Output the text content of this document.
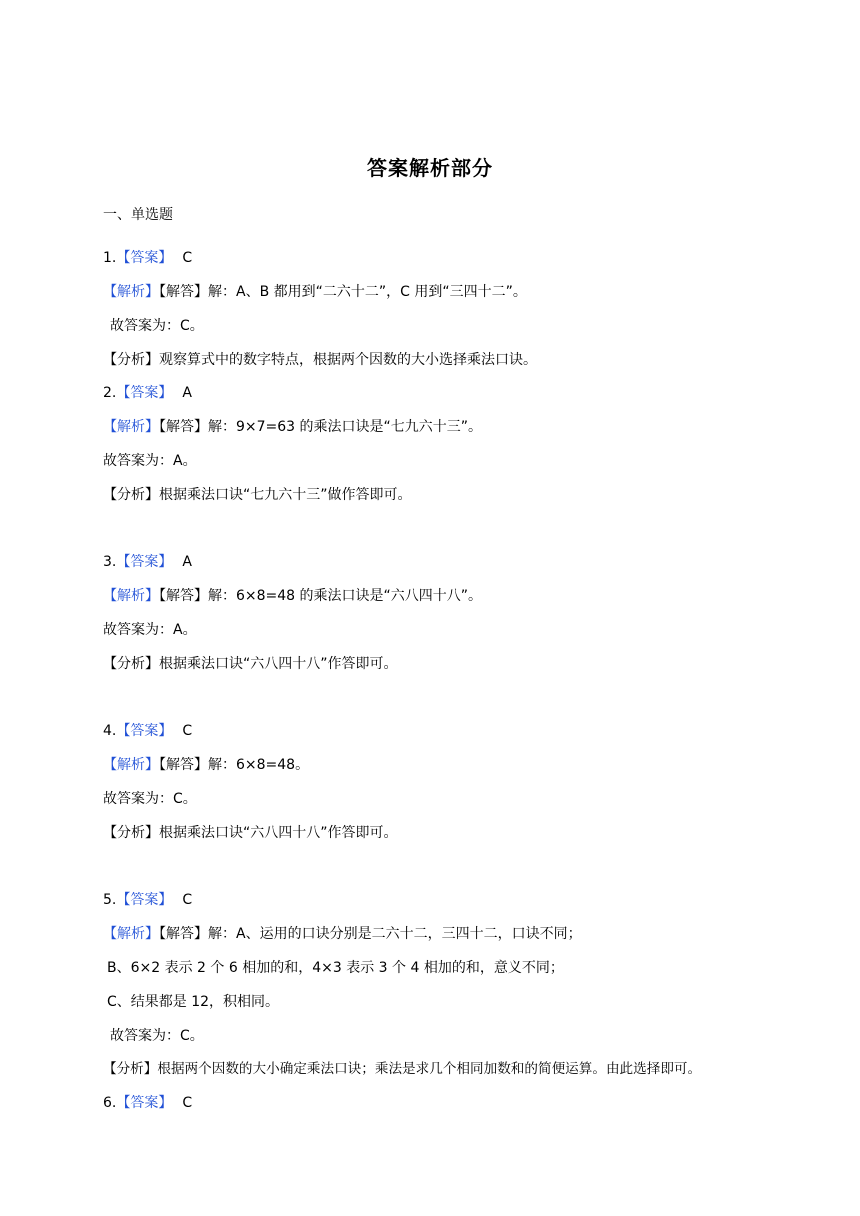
答案解析部分
一、单选题
1.【答案】 C
【解析】【解答】解：A、B 都用到“二六十二”，C 用到“三四十二”。
故答案为：C。
【分析】观察算式中的数字特点，根据两个因数的大小选择乘法口诀。
2.【答案】 A
【解析】【解答】解：9×7=63 的乘法口诀是“七九六十三”。
故答案为：A。
【分析】根据乘法口诀“七九六十三”做作答即可。
3.【答案】 A
【解析】【解答】解：6×8=48 的乘法口诀是“六八四十八”。
故答案为：A。
【分析】根据乘法口诀“六八四十八”作答即可。
4.【答案】 C
【解析】【解答】解：6×8=48。
故答案为：C。
【分析】根据乘法口诀“六八四十八”作答即可。
5.【答案】 C
【解析】【解答】解：A、运用的口诀分别是二六十二，三四十二，口诀不同；
B、6×2 表示 2 个 6 相加的和，4×3 表示 3 个 4 相加的和，意义不同；
C、结果都是 12，积相同。
故答案为：C。
【分析】根据两个因数的大小确定乘法口诀；乘法是求几个相同加数和的简便运算。由此选择即可。
6.【答案】 C
